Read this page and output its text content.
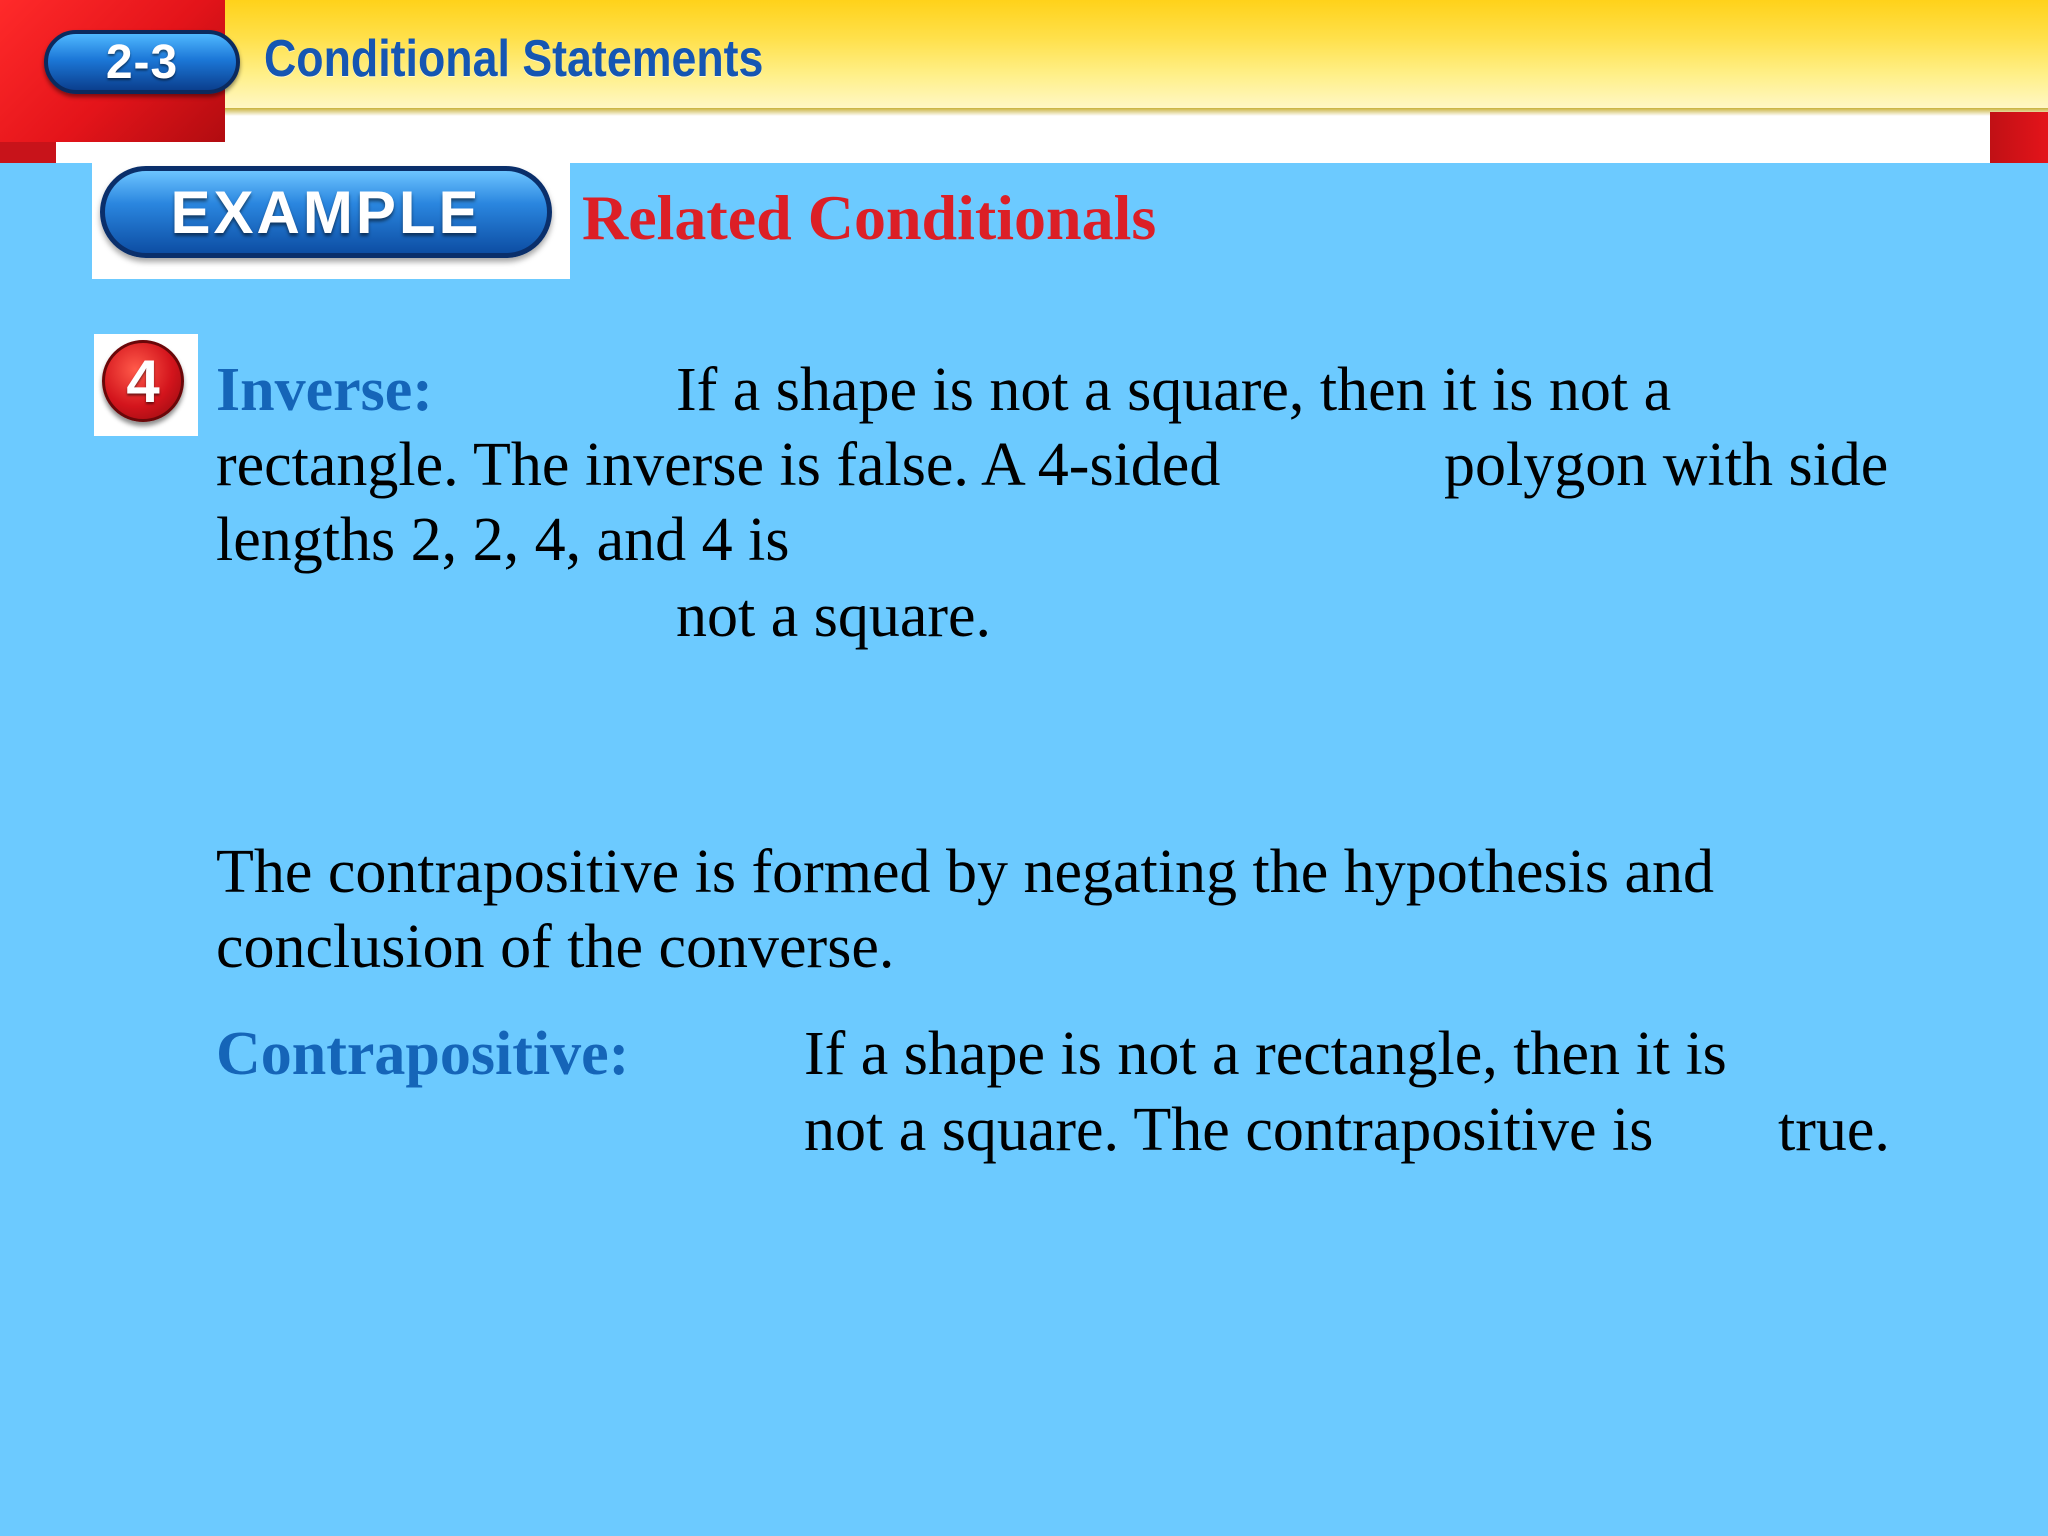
2-3	Conditional Statements
EXAMPLE	Related Conditionals
4 Inverse:	If a shape is not a square, then it is not a
rectangle. The inverse is false. A 4-sided	polygon with side
lengths 2, 2, 4, and 4 is
not a square.
The contrapositive is formed by negating the hypothesis and
conclusion of the converse.
Contrapositive:	If a shape is not a rectangle, then it is
not a square. The contrapositive is true.
